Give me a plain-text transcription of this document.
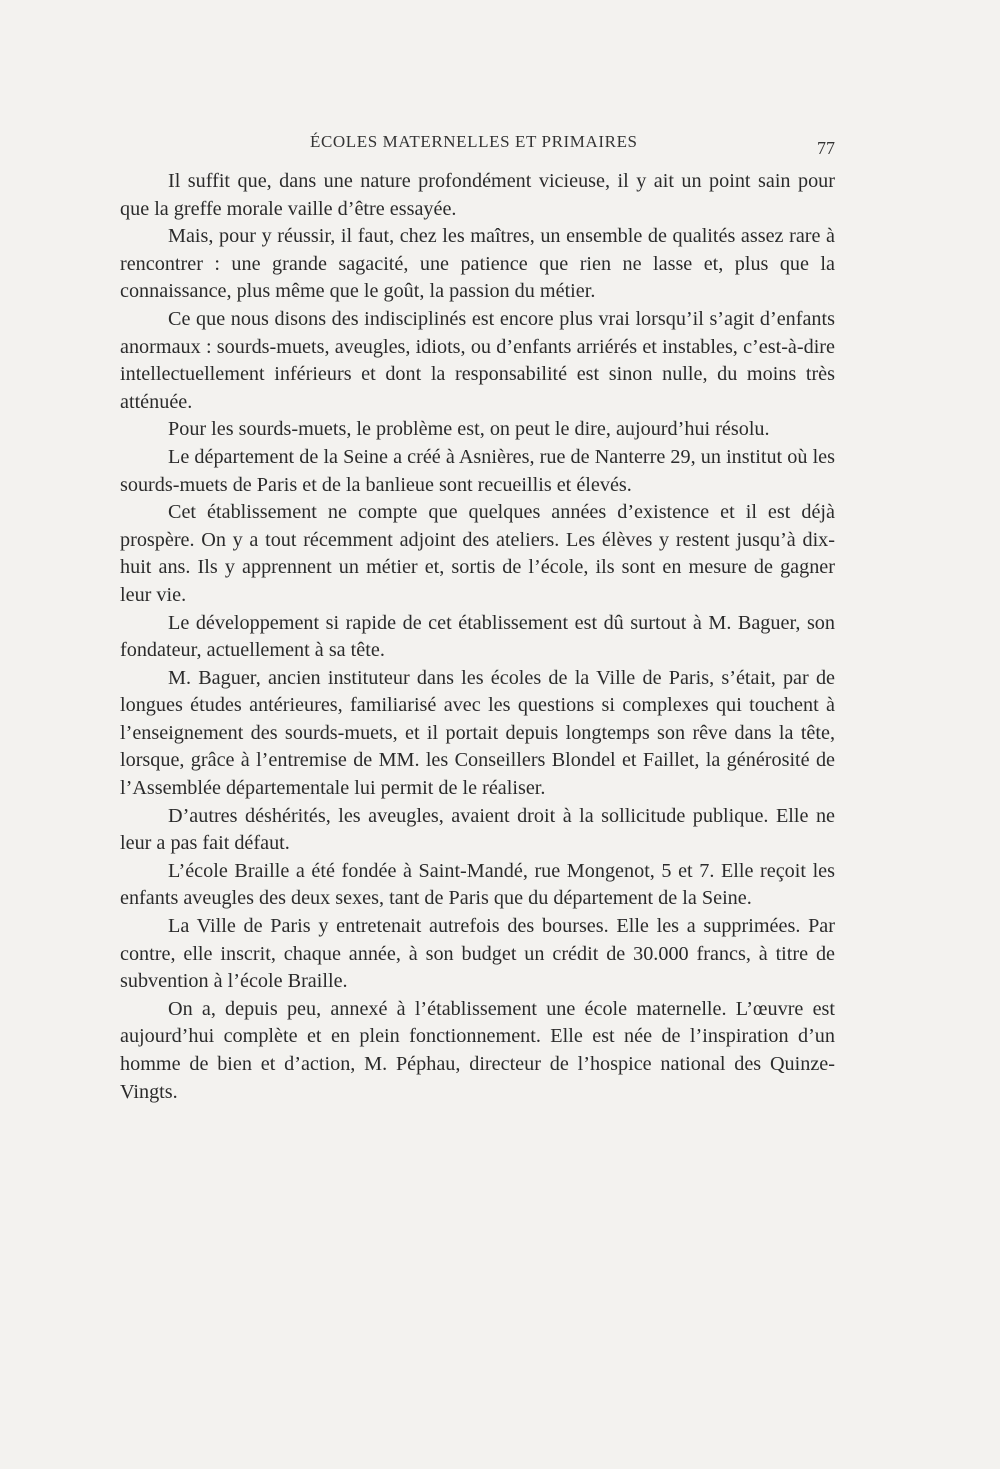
ÉCOLES MATERNELLES ET PRIMAIRES	77

Il suffit que, dans une nature profondément vicieuse, il y ait un point sain pour que la greffe morale vaille d’être essayée.

Mais, pour y réussir, il faut, chez les maîtres, un ensemble de qualités assez rare à rencontrer : une grande sagacité, une patience que rien ne lasse et, plus que la connaissance, plus même que le goût, la passion du métier.

Ce que nous disons des indisciplinés est encore plus vrai lorsqu’il s’agit d’enfants anormaux : sourds-muets, aveugles, idiots, ou d’enfants arriérés et instables, c’est-à-dire intellectuellement inférieurs et dont la responsabilité est sinon nulle, du moins très atténuée.

Pour les sourds-muets, le problème est, on peut le dire, aujourd’hui résolu.

Le département de la Seine a créé à Asnières, rue de Nanterre 29, un institut où les sourds-muets de Paris et de la banlieue sont recueillis et élevés.

Cet établissement ne compte que quelques années d’existence et il est déjà prospère. On y a tout récemment adjoint des ateliers. Les élèves y restent jusqu’à dix-huit ans. Ils y apprennent un métier et, sortis de l’école, ils sont en mesure de gagner leur vie.

Le développement si rapide de cet établissement est dû surtout à M. Baguer, son fondateur, actuellement à sa tête.

M. Baguer, ancien instituteur dans les écoles de la Ville de Paris, s’était, par de longues études antérieures, familiarisé avec les questions si complexes qui touchent à l’enseignement des sourds-muets, et il portait depuis longtemps son rêve dans la tête, lorsque, grâce à l’entremise de MM. les Conseillers Blondel et Faillet, la générosité de l’Assemblée départementale lui permit de le réaliser.

D’autres déshérités, les aveugles, avaient droit à la sollicitude publique. Elle ne leur a pas fait défaut.

L’école Braille a été fondée à Saint-Mandé, rue Mongenot, 5 et 7. Elle reçoit les enfants aveugles des deux sexes, tant de Paris que du département de la Seine.

La Ville de Paris y entretenait autrefois des bourses. Elle les a supprimées. Par contre, elle inscrit, chaque année, à son budget un crédit de 30.000 francs, à titre de subvention à l’école Braille.

On a, depuis peu, annexé à l’établissement une école maternelle. L’œuvre est aujourd’hui complète et en plein fonctionnement. Elle est née de l’inspiration d’un homme de bien et d’action, M. Péphau, directeur de l’hospice national des Quinze-Vingts.
